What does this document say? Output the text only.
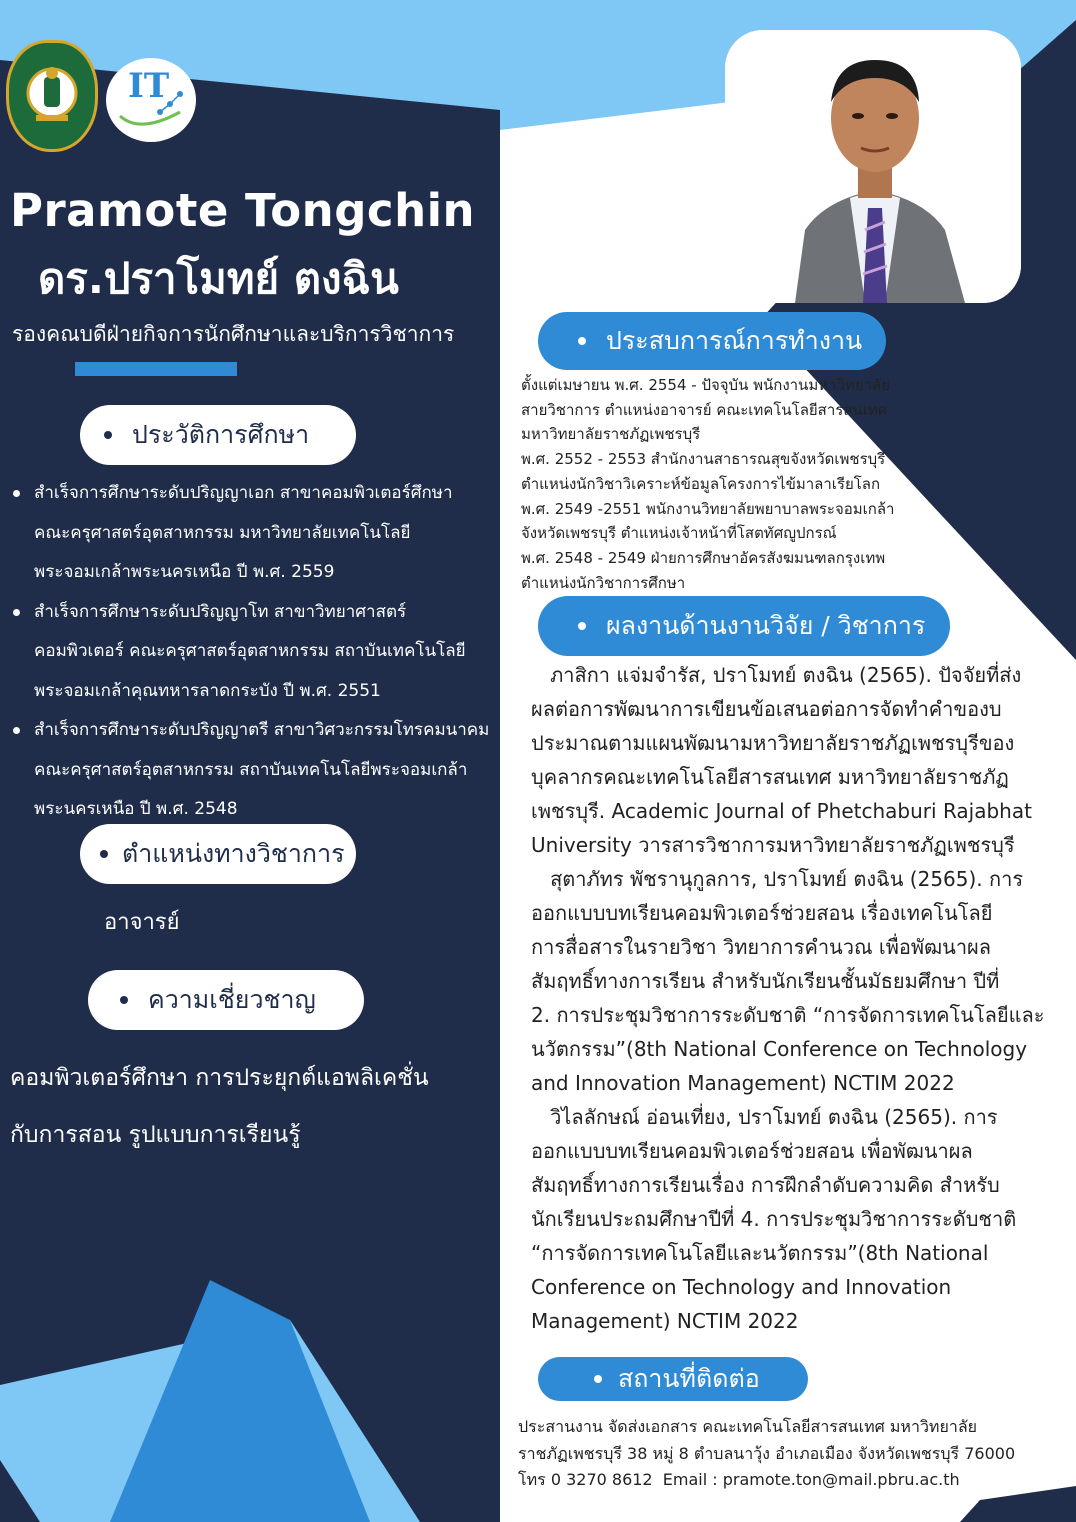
IT
Pramote Tongchin
ดร.ปราโมทย์ ตงฉิน
รองคณบดีฝ่ายกิจการนักศึกษาและบริการวิชาการ
ประวัติการศึกษา
สำเร็จการศึกษาระดับปริญญาเอก สาขาคอมพิวเตอร์ศึกษา
คณะครุศาสตร์อุตสาหกรรม มหาวิทยาลัยเทคโนโลยี
พระจอมเกล้าพระนครเหนือ ปี พ.ศ. 2559
สำเร็จการศึกษาระดับปริญญาโท สาขาวิทยาศาสตร์
คอมพิวเตอร์ คณะครุศาสตร์อุตสาหกรรม สถาบันเทคโนโลยี
พระจอมเกล้าคุณทหารลาดกระบัง ปี พ.ศ. 2551
สำเร็จการศึกษาระดับปริญญาตรี สาขาวิศวะกรรมโทรคมนาคม
คณะครุศาสตร์อุตสาหกรรม สถาบันเทคโนโลยีพระจอมเกล้า
พระนครเหนือ ปี พ.ศ. 2548
ตำแหน่งทางวิชาการ
อาจารย์
ความเชี่ยวชาญ
คอมพิวเตอร์ศึกษา การประยุกต์แอพลิเคชั่น
กับการสอน รูปแบบการเรียนรู้
ประสบการณ์การทำงาน
ตั้งแต่เมษายน พ.ศ. 2554 - ปัจจุบัน พนักงานมหาวิทยาลัย
สายวิชาการ ตำแหน่งอาจารย์ คณะเทคโนโลยีสารสนเทศ
มหาวิทยาลัยราชภัฏเพชรบุรี
พ.ศ. 2552 - 2553 สำนักงานสาธารณสุขจังหวัดเพชรบุรี
ตำแหน่งนักวิชาวิเคราะห์ข้อมูลโครงการไข้มาลาเรียโลก
พ.ศ. 2549 -2551 พนักงานวิทยาลัยพยาบาลพระจอมเกล้า
จังหวัดเพชรบุรี ตำแหน่งเจ้าหน้าที่โสตทัศญูปกรณ์
พ.ศ. 2548 - 2549 ฝ่ายการศึกษาอัครสังฆมนฑลกรุงเทพ
ตำแหน่งนักวิชาการศึกษา
ผลงานด้านงานวิจัย / วิชาการ
ภาสิกา แจ่มจำรัส, ปราโมทย์ ตงฉิน (2565). ปัจจัยที่ส่ง
ผลต่อการพัฒนาการเขียนข้อเสนอต่อการจัดทำคำของบ
ประมาณตามแผนพัฒนามหาวิทยาลัยราชภัฏเพชรบุรีของ
บุคลากรคณะเทคโนโลยีสารสนเทศ มหาวิทยาลัยราชภัฏ
เพชรบุรี. Academic Journal of Phetchaburi Rajabhat
University วารสารวิชาการมหาวิทยาลัยราชภัฏเพชรบุรี
สุตาภัทร พัชรานุกูลการ, ปราโมทย์ ตงฉิน (2565). การ
ออกแบบบทเรียนคอมพิวเตอร์ช่วยสอน เรื่องเทคโนโลยี
การสื่อสารในรายวิชา วิทยาการคำนวณ เพื่อพัฒนาผล
สัมฤทธิ์ทางการเรียน สำหรับนักเรียนชั้นมัธยมศึกษา ปีที่
2. การประชุมวิชาการระดับชาติ “การจัดการเทคโนโลยีและ
นวัตกรรม”(8th National Conference on Technology
and Innovation Management) NCTIM 2022
วิไลลักษณ์ อ่อนเที่ยง, ปราโมทย์ ตงฉิน (2565). การ
ออกแบบบทเรียนคอมพิวเตอร์ช่วยสอน เพื่อพัฒนาผล
สัมฤทธิ์ทางการเรียนเรื่อง การฝึกลำดับความคิด สำหรับ
นักเรียนประถมศึกษาปีที่ 4. การประชุมวิชาการระดับชาติ
“การจัดการเทคโนโลยีและนวัตกรรม”(8th National
Conference on Technology and Innovation
Management) NCTIM 2022
สถานที่ติดต่อ
ประสานงาน จัดส่งเอกสาร คณะเทคโนโลยีสารสนเทศ มหาวิทยาลัย
ราชภัฏเพชรบุรี 38 หมู่ 8 ตำบลนาวุ้ง อำเภอเมือง จังหวัดเพชรบุรี 76000
โทร 0 3270 8612  Email : pramote.ton@mail.pbru.ac.th
